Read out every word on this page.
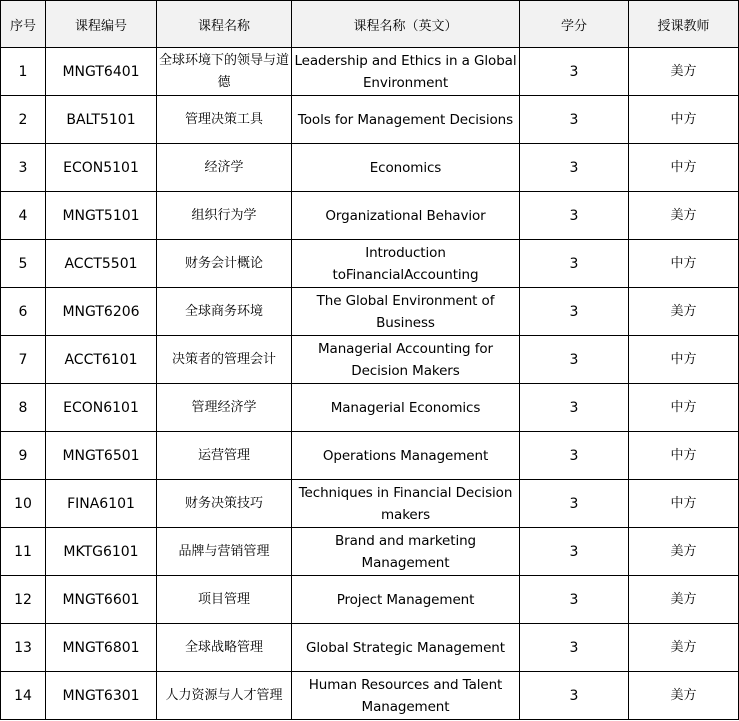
序号	课程编号	课程名称	课程名称（英文）	学分	授课教师
1	MNGT6401	全球环境下的领导与道德	Leadership and Ethics in a Global Environment	3	美方
2	BALT5101	管理决策工具	Tools for Management Decisions	3	中方
3	ECON5101	经济学	Economics	3	中方
4	MNGT5101	组织行为学	Organizational Behavior	3	美方
5	ACCT5501	财务会计概论	Introduction toFinancialAccounting	3	中方
6	MNGT6206	全球商务环境	The Global Environment of Business	3	美方
7	ACCT6101	决策者的管理会计	Managerial Accounting for Decision Makers	3	中方
8	ECON6101	管理经济学	Managerial Economics	3	中方
9	MNGT6501	运营管理	Operations Management	3	中方
10	FINA6101	财务决策技巧	Techniques in Financial Decision makers	3	中方
11	MKTG6101	品牌与营销管理	Brand and marketing Management	3	美方
12	MNGT6601	项目管理	Project Management	3	美方
13	MNGT6801	全球战略管理	Global Strategic Management	3	美方
14	MNGT6301	人力资源与人才管理	Human Resources and Talent Management	3	美方
